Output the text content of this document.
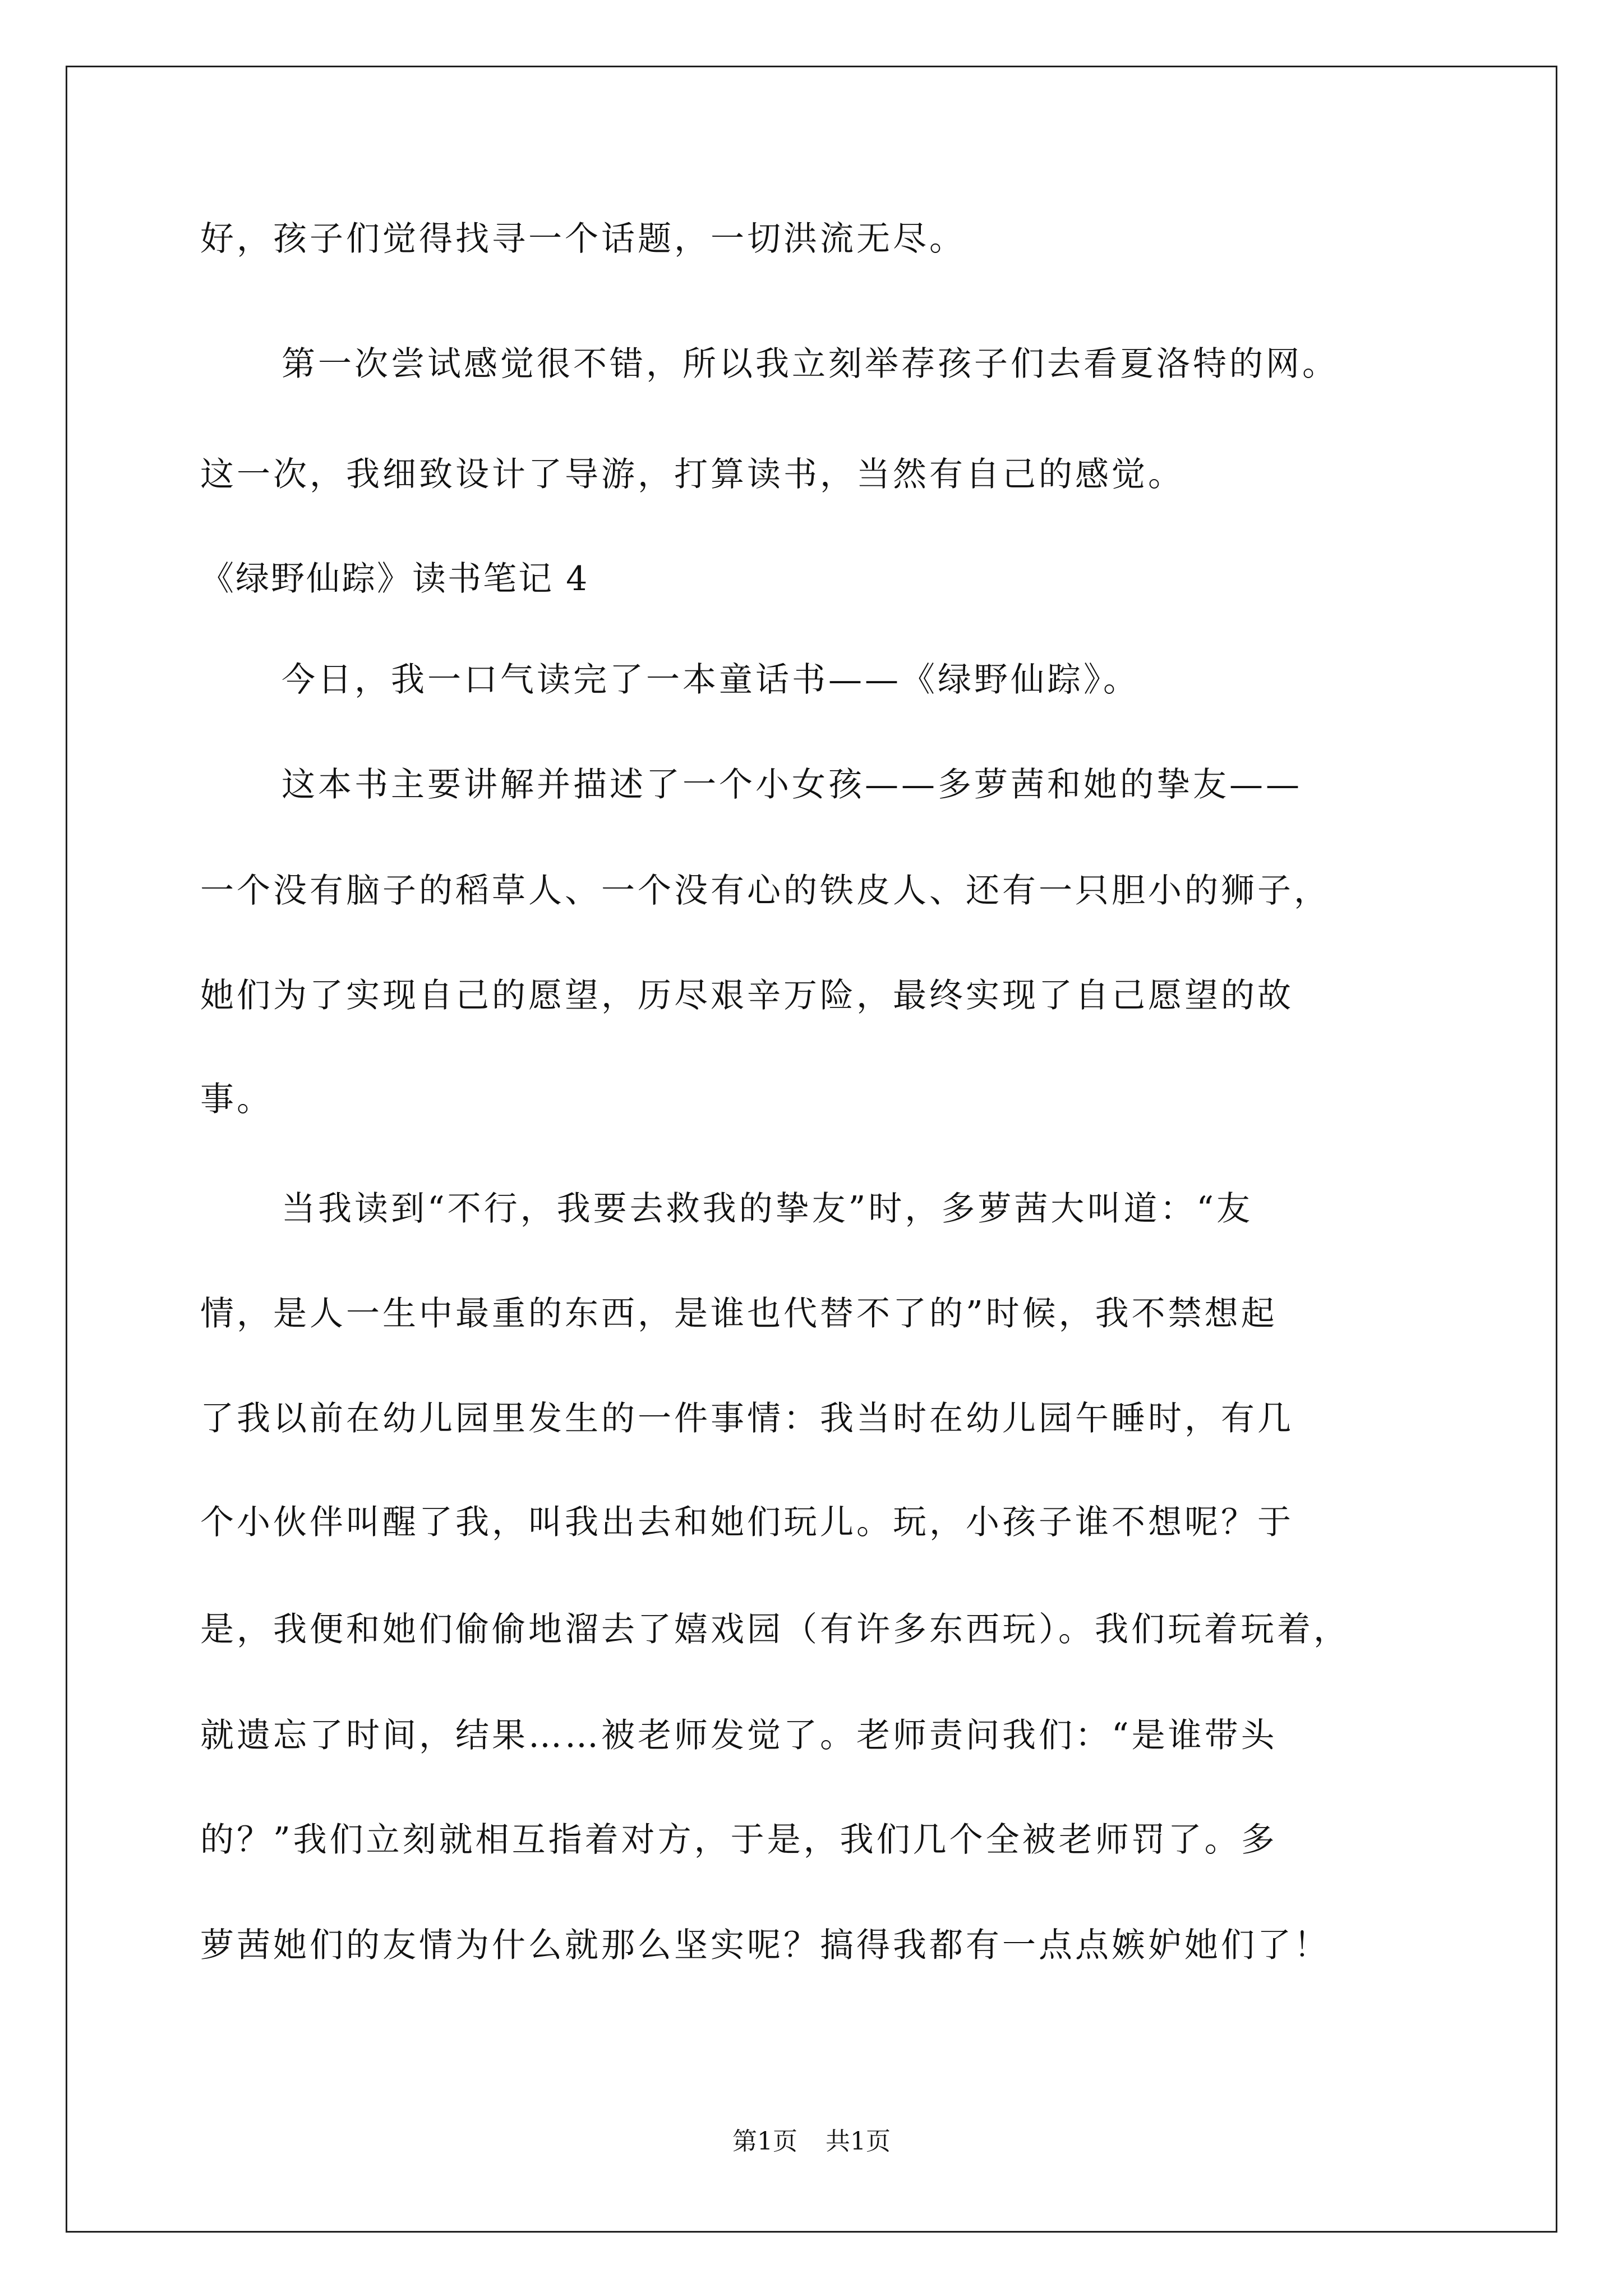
好，孩子们觉得找寻一个话题，一切洪流无尽。
第一次尝试感觉很不错，所以我立刻举荐孩子们去看夏洛特的网。
这一次，我细致设计了导游，打算读书，当然有自己的感觉。
《绿野仙踪》读书笔记 4
今日，我一口气读完了一本童话书——《绿野仙踪》。
这本书主要讲解并描述了一个小女孩——多萝茜和她的挚友——
一个没有脑子的稻草人、一个没有心的铁皮人、还有一只胆小的狮子，
她们为了实现自己的愿望，历尽艰辛万险，最终实现了自己愿望的故
事。
当我读到“不行，我要去救我的挚友”时，多萝茜大叫道：“友
情，是人一生中最重的东西，是谁也代替不了的”时候，我不禁想起
了我以前在幼儿园里发生的一件事情：我当时在幼儿园午睡时，有几
个小伙伴叫醒了我，叫我出去和她们玩儿。玩，小孩子谁不想呢？于
是，我便和她们偷偷地溜去了嬉戏园（有许多东西玩）。我们玩着玩着，
就遗忘了时间，结果……被老师发觉了。老师责问我们：“是谁带头
的？”我们立刻就相互指着对方，于是，我们几个全被老师罚了。多
萝茜她们的友情为什么就那么坚实呢？搞得我都有一点点嫉妒她们了！
第1页 共1页
